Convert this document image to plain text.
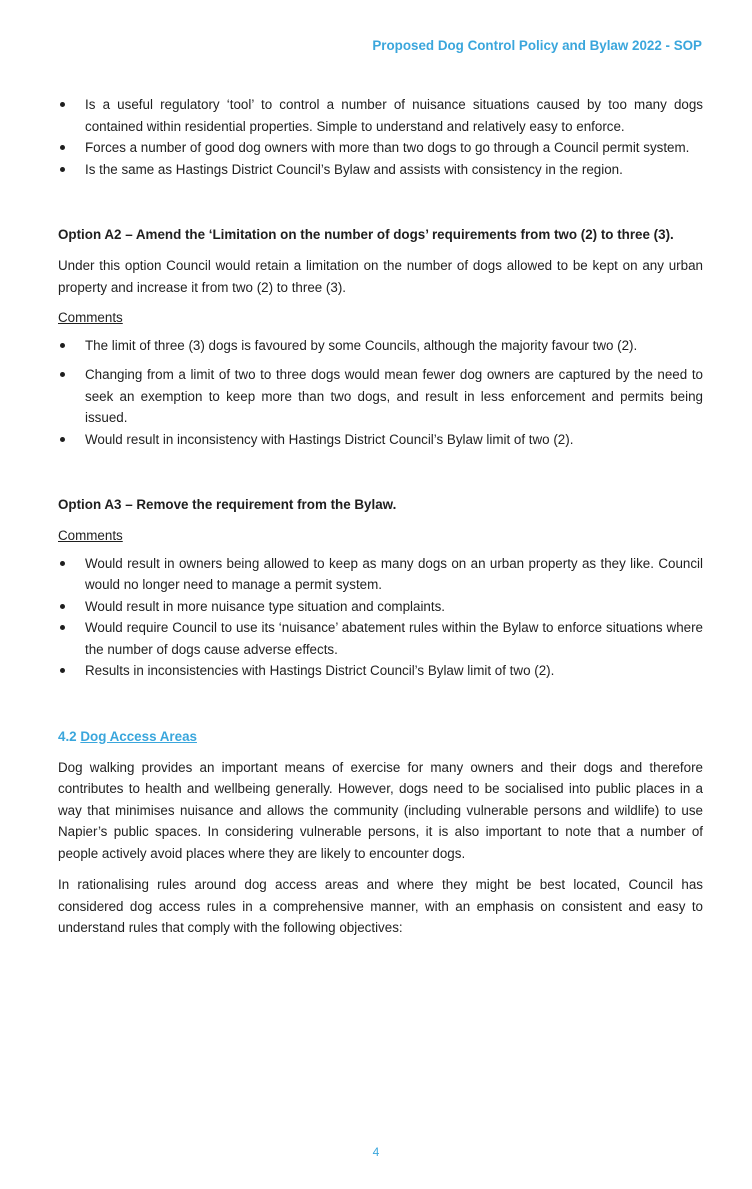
Proposed Dog Control Policy and Bylaw 2022 - SOP
Is a useful regulatory ‘tool’ to control a number of nuisance situations caused by too many dogs contained within residential properties. Simple to understand and relatively easy to enforce.
Forces a number of good dog owners with more than two dogs to go through a Council permit system.
Is the same as Hastings District Council’s Bylaw and assists with consistency in the region.
Option A2 – Amend the ‘Limitation on the number of dogs’ requirements from two (2) to three (3).

Under this option Council would retain a limitation on the number of dogs allowed to be kept on any urban property and increase it from two (2) to three (3).

Comments
The limit of three (3) dogs is favoured by some Councils, although the majority favour two (2).
Changing from a limit of two to three dogs would mean fewer dog owners are captured by the need to seek an exemption to keep more than two dogs, and result in less enforcement and permits being issued.
Would result in inconsistency with Hastings District Council’s Bylaw limit of two (2).
Option A3 – Remove the requirement from the Bylaw.
Comments
Would result in owners being allowed to keep as many dogs on an urban property as they like. Council would no longer need to manage a permit system.
Would result in more nuisance type situation and complaints.
Would require Council to use its ‘nuisance’ abatement rules within the Bylaw to enforce situations where the number of dogs cause adverse effects.
Results in inconsistencies with Hastings District Council’s Bylaw limit of two (2).
4.2 Dog Access Areas

Dog walking provides an important means of exercise for many owners and their dogs and therefore contributes to health and wellbeing generally. However, dogs need to be socialised into public places in a way that minimises nuisance and allows the community (including vulnerable persons and wildlife) to use Napier’s public spaces. In considering vulnerable persons, it is also important to note that a number of people actively avoid places where they are likely to encounter dogs.

In rationalising rules around dog access areas and where they might be best located, Council has considered dog access rules in a comprehensive manner, with an emphasis on consistent and easy to understand rules that comply with the following objectives:

4
